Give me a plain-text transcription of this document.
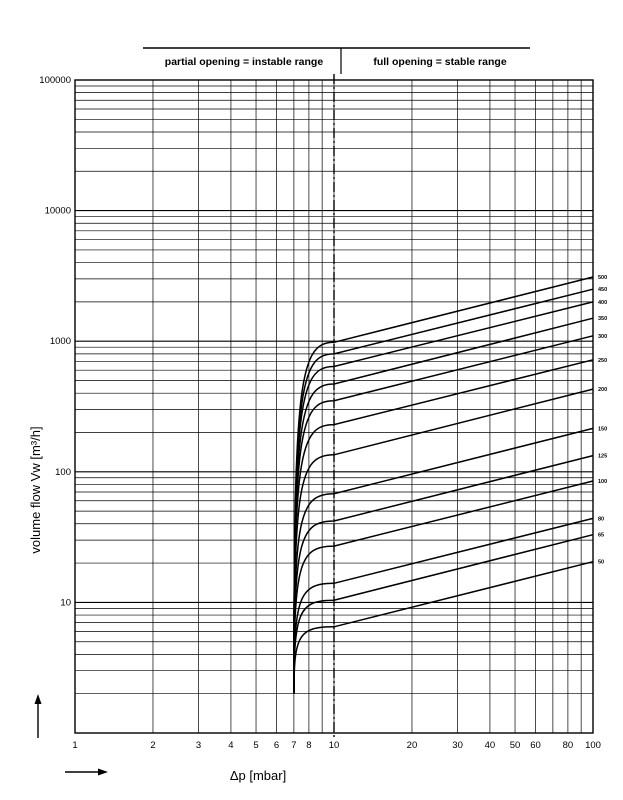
partial opening = instable range	full opening = stable range
10
100
1000
10000
100000
1	2	3	4 5 6 7 8 10	20	30 40 50 60 80 100
500
450
400
350
300
250
200
150
125
100
80
65
50
volume flow Vw [m³/h]
Δp [mbar]
